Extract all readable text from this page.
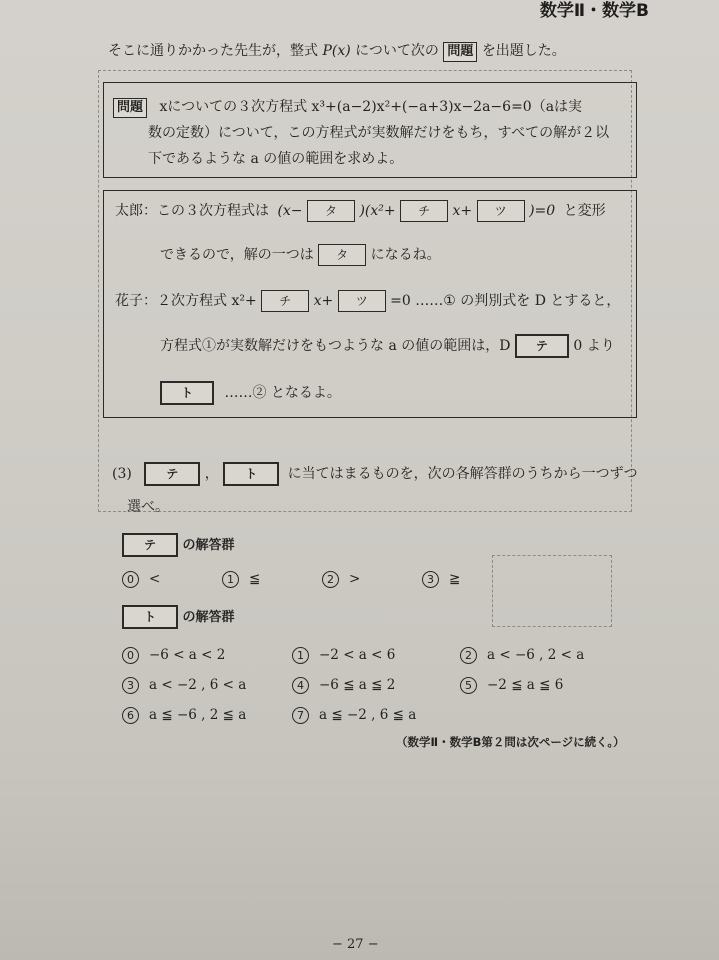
数学Ⅱ・数学B
そこに通りかかった先生が，整式 P(x) について次の 問題 を出題した。
問題 xについての３次方程式 x³+(a−2)x²+(−a+3)x−2a−6=0（aは実
数の定数）について，この方程式が実数解だけをもち，すべての解が２以
下であるような a の値の範囲を求めよ。
太郎：この３次方程式は (x− タ )(x²+ チ x+ ツ )=0 と変形
できるので，解の一つは タ になるね。
花子：２次方程式 x²+ チ x+ ツ =0 ……① の判別式を D とすると，
方程式①が実数解だけをもつような a の値の範囲は，D テ 0 より
ト ……② となるよ。
(3)	テ ， ト に当てはまるものを，次の各解答群のうちから一つずつ
選べ。
テ の解答群
0 <	1 ≦	2 >	3 ≧
ト の解答群
0 −6 < a < 2	1 −2 < a < 6	2 a < −6 , 2 < a
3 a < −2 , 6 < a	4 −6 ≦ a ≦ 2	5 −2 ≦ a ≦ 6
6 a ≦ −6 , 2 ≦ a	7 a ≦ −2 , 6 ≦ a
（数学Ⅱ・数学B第２問は次ページに続く。）
− 27 −
